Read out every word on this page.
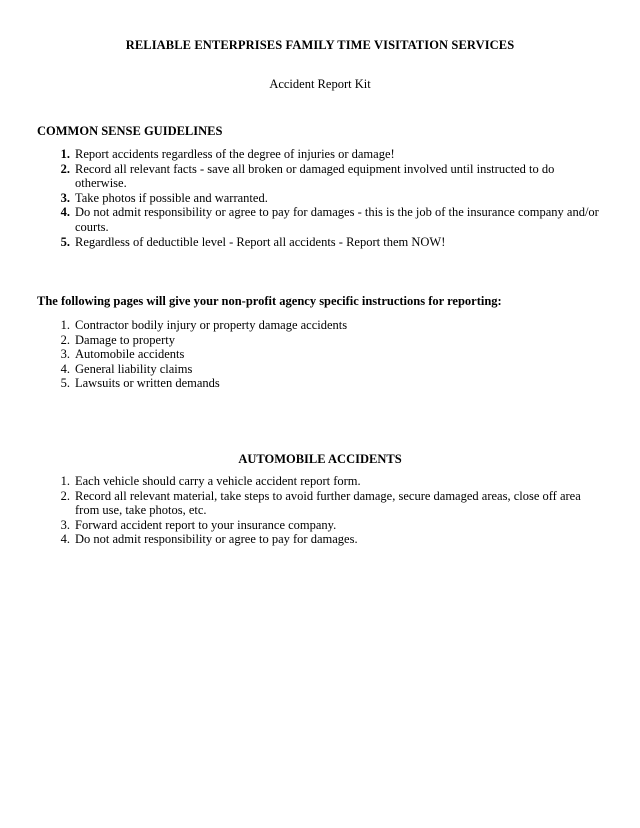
RELIABLE ENTERPRISES FAMILY TIME VISITATION SERVICES
Accident Report Kit
COMMON SENSE GUIDELINES
1. Report accidents regardless of the degree of injuries or damage!
2. Record all relevant facts - save all broken or damaged equipment involved until instructed to do otherwise.
3. Take photos if possible and warranted.
4. Do not admit responsibility or agree to pay for damages - this is the job of the insurance company and/or courts.
5. Regardless of deductible level - Report all accidents - Report them NOW!
The following pages will give your non-profit agency specific instructions for reporting:
1. Contractor bodily injury or property damage accidents
2. Damage to property
3. Automobile accidents
4. General liability claims
5. Lawsuits or written demands
AUTOMOBILE ACCIDENTS
1. Each vehicle should carry a vehicle accident report form.
2. Record all relevant material, take steps to avoid further damage, secure damaged areas, close off area from use, take photos, etc.
3. Forward accident report to your insurance company.
4. Do not admit responsibility or agree to pay for damages.
